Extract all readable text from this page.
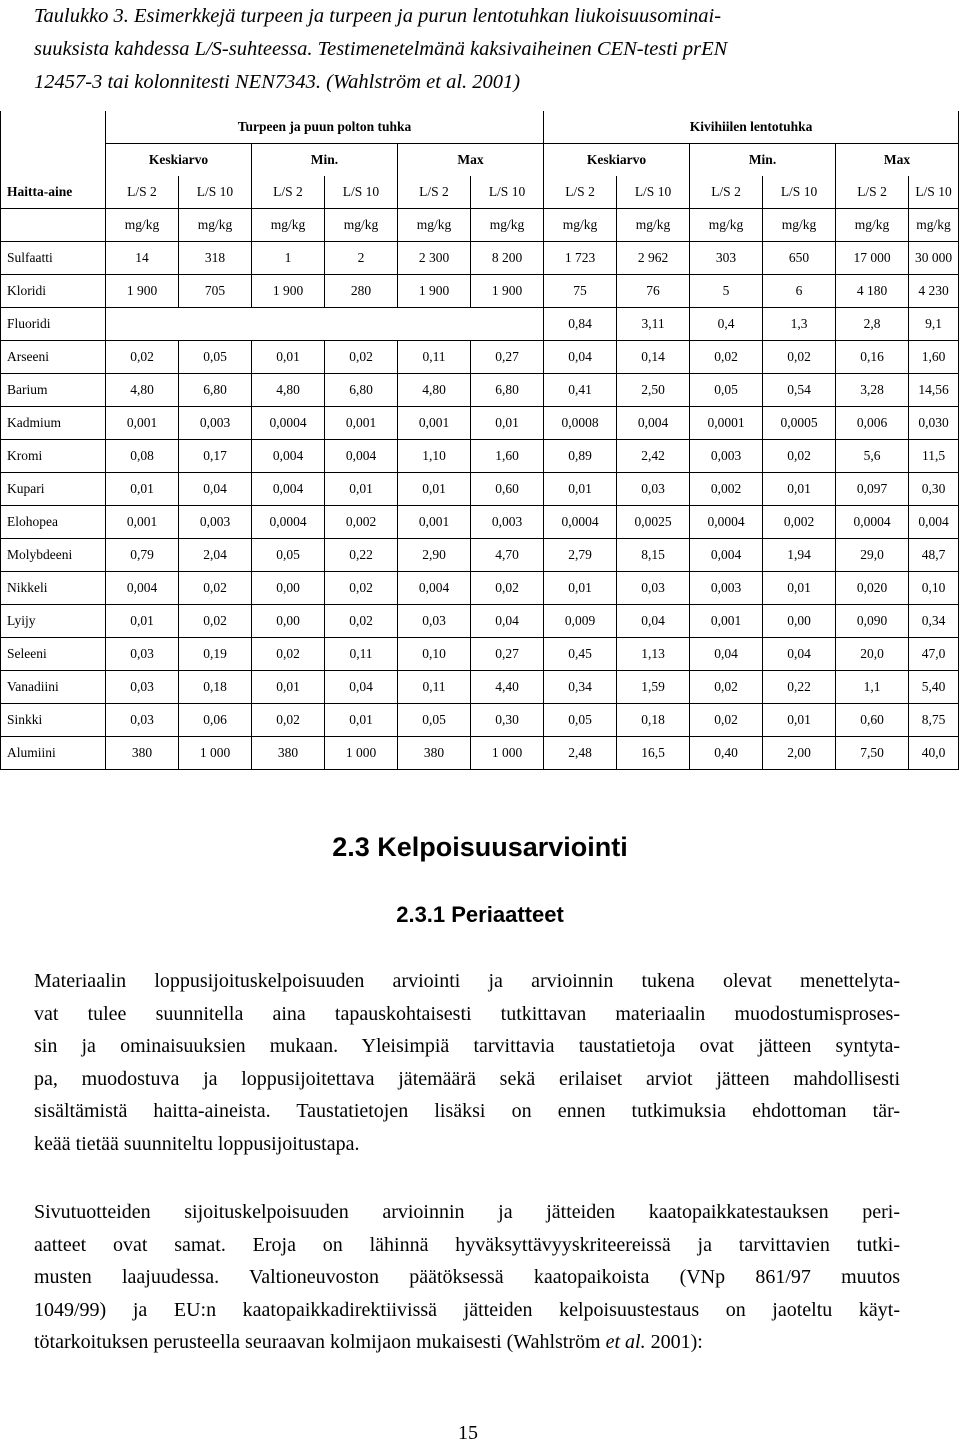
Taulukko 3. Esimerkkejä turpeen ja turpeen ja purun lentotuhkan liukoisuusominai-
suuksista kahdessa L/S-suhteessa. Testimenetelmänä kaksivaiheinen CEN-testi prEN
12457-3 tai kolonnitesti NEN7343. (Wahlström et al. 2001)
	Turpeen ja puun polton tuhka						Kivihiilen lentotuhka					
	Keskiarvo		Min.		Max		Keskiarvo		Min.		Max	
Haitta-aine	L/S 2	L/S 10	L/S 2	L/S 10	L/S 2	L/S 10	L/S 2	L/S 10	L/S 2	L/S 10	L/S 2	L/S 10
	mg/kg	mg/kg	mg/kg	mg/kg	mg/kg	mg/kg	mg/kg	mg/kg	mg/kg	mg/kg	mg/kg	mg/kg
Sulfaatti	14	318	1	2	2 300	8 200	1 723	2 962	303	650	17 000	30 000
Kloridi	1 900	705	1 900	280	1 900	1 900	75	76	5	6	4 180	4 230
Fluoridi							0,84	3,11	0,4	1,3	2,8	9,1
Arseeni	0,02	0,05	0,01	0,02	0,11	0,27	0,04	0,14	0,02	0,02	0,16	1,60
Barium	4,80	6,80	4,80	6,80	4,80	6,80	0,41	2,50	0,05	0,54	3,28	14,56
Kadmium	0,001	0,003	0,0004	0,001	0,001	0,01	0,0008	0,004	0,0001	0,0005	0,006	0,030
Kromi	0,08	0,17	0,004	0,004	1,10	1,60	0,89	2,42	0,003	0,02	5,6	11,5
Kupari	0,01	0,04	0,004	0,01	0,01	0,60	0,01	0,03	0,002	0,01	0,097	0,30
Elohopea	0,001	0,003	0,0004	0,002	0,001	0,003	0,0004	0,0025	0,0004	0,002	0,0004	0,004
Molybdeeni	0,79	2,04	0,05	0,22	2,90	4,70	2,79	8,15	0,004	1,94	29,0	48,7
Nikkeli	0,004	0,02	0,00	0,02	0,004	0,02	0,01	0,03	0,003	0,01	0,020	0,10
Lyijy	0,01	0,02	0,00	0,02	0,03	0,04	0,009	0,04	0,001	0,00	0,090	0,34
Seleeni	0,03	0,19	0,02	0,11	0,10	0,27	0,45	1,13	0,04	0,04	20,0	47,0
Vanadiini	0,03	0,18	0,01	0,04	0,11	4,40	0,34	1,59	0,02	0,22	1,1	5,40
Sinkki	0,03	0,06	0,02	0,01	0,05	0,30	0,05	0,18	0,02	0,01	0,60	8,75
Alumiini	380	1 000	380	1 000	380	1 000	2,48	16,5	0,40	2,00	7,50	40,0
2.3 Kelpoisuusarviointi
2.3.1 Periaatteet
Materiaalin loppusijoituskelpoisuuden arviointi ja arvioinnin tukena olevat menettelyta-
vat tulee suunnitella aina tapauskohtaisesti tutkittavan materiaalin muodostumisproses-
sin ja ominaisuuksien mukaan. Yleisimpiä tarvittavia taustatietoja ovat jätteen syntyta-
pa, muodostuva ja loppusijoitettava jätemäärä sekä erilaiset arviot jätteen mahdollisesti
sisältämistä haitta-aineista. Taustatietojen lisäksi on ennen tutkimuksia ehdottoman tär-
keää tietää suunniteltu loppusijoitustapa.
Sivutuotteiden sijoituskelpoisuuden arvioinnin ja jätteiden kaatopaikkatestauksen peri-
aatteet ovat samat. Eroja on lähinnä hyväksyttävyyskriteereissä ja tarvittavien tutki-
musten laajuudessa. Valtioneuvoston päätöksessä kaatopaikoista (VNp 861/97 muutos
1049/99) ja EU:n kaatopaikkadirektiivissä jätteiden kelpoisuustestaus on jaoteltu käyt-
tötarkoituksen perusteella seuraavan kolmijaon mukaisesti (Wahlström et al. 2001):
15
